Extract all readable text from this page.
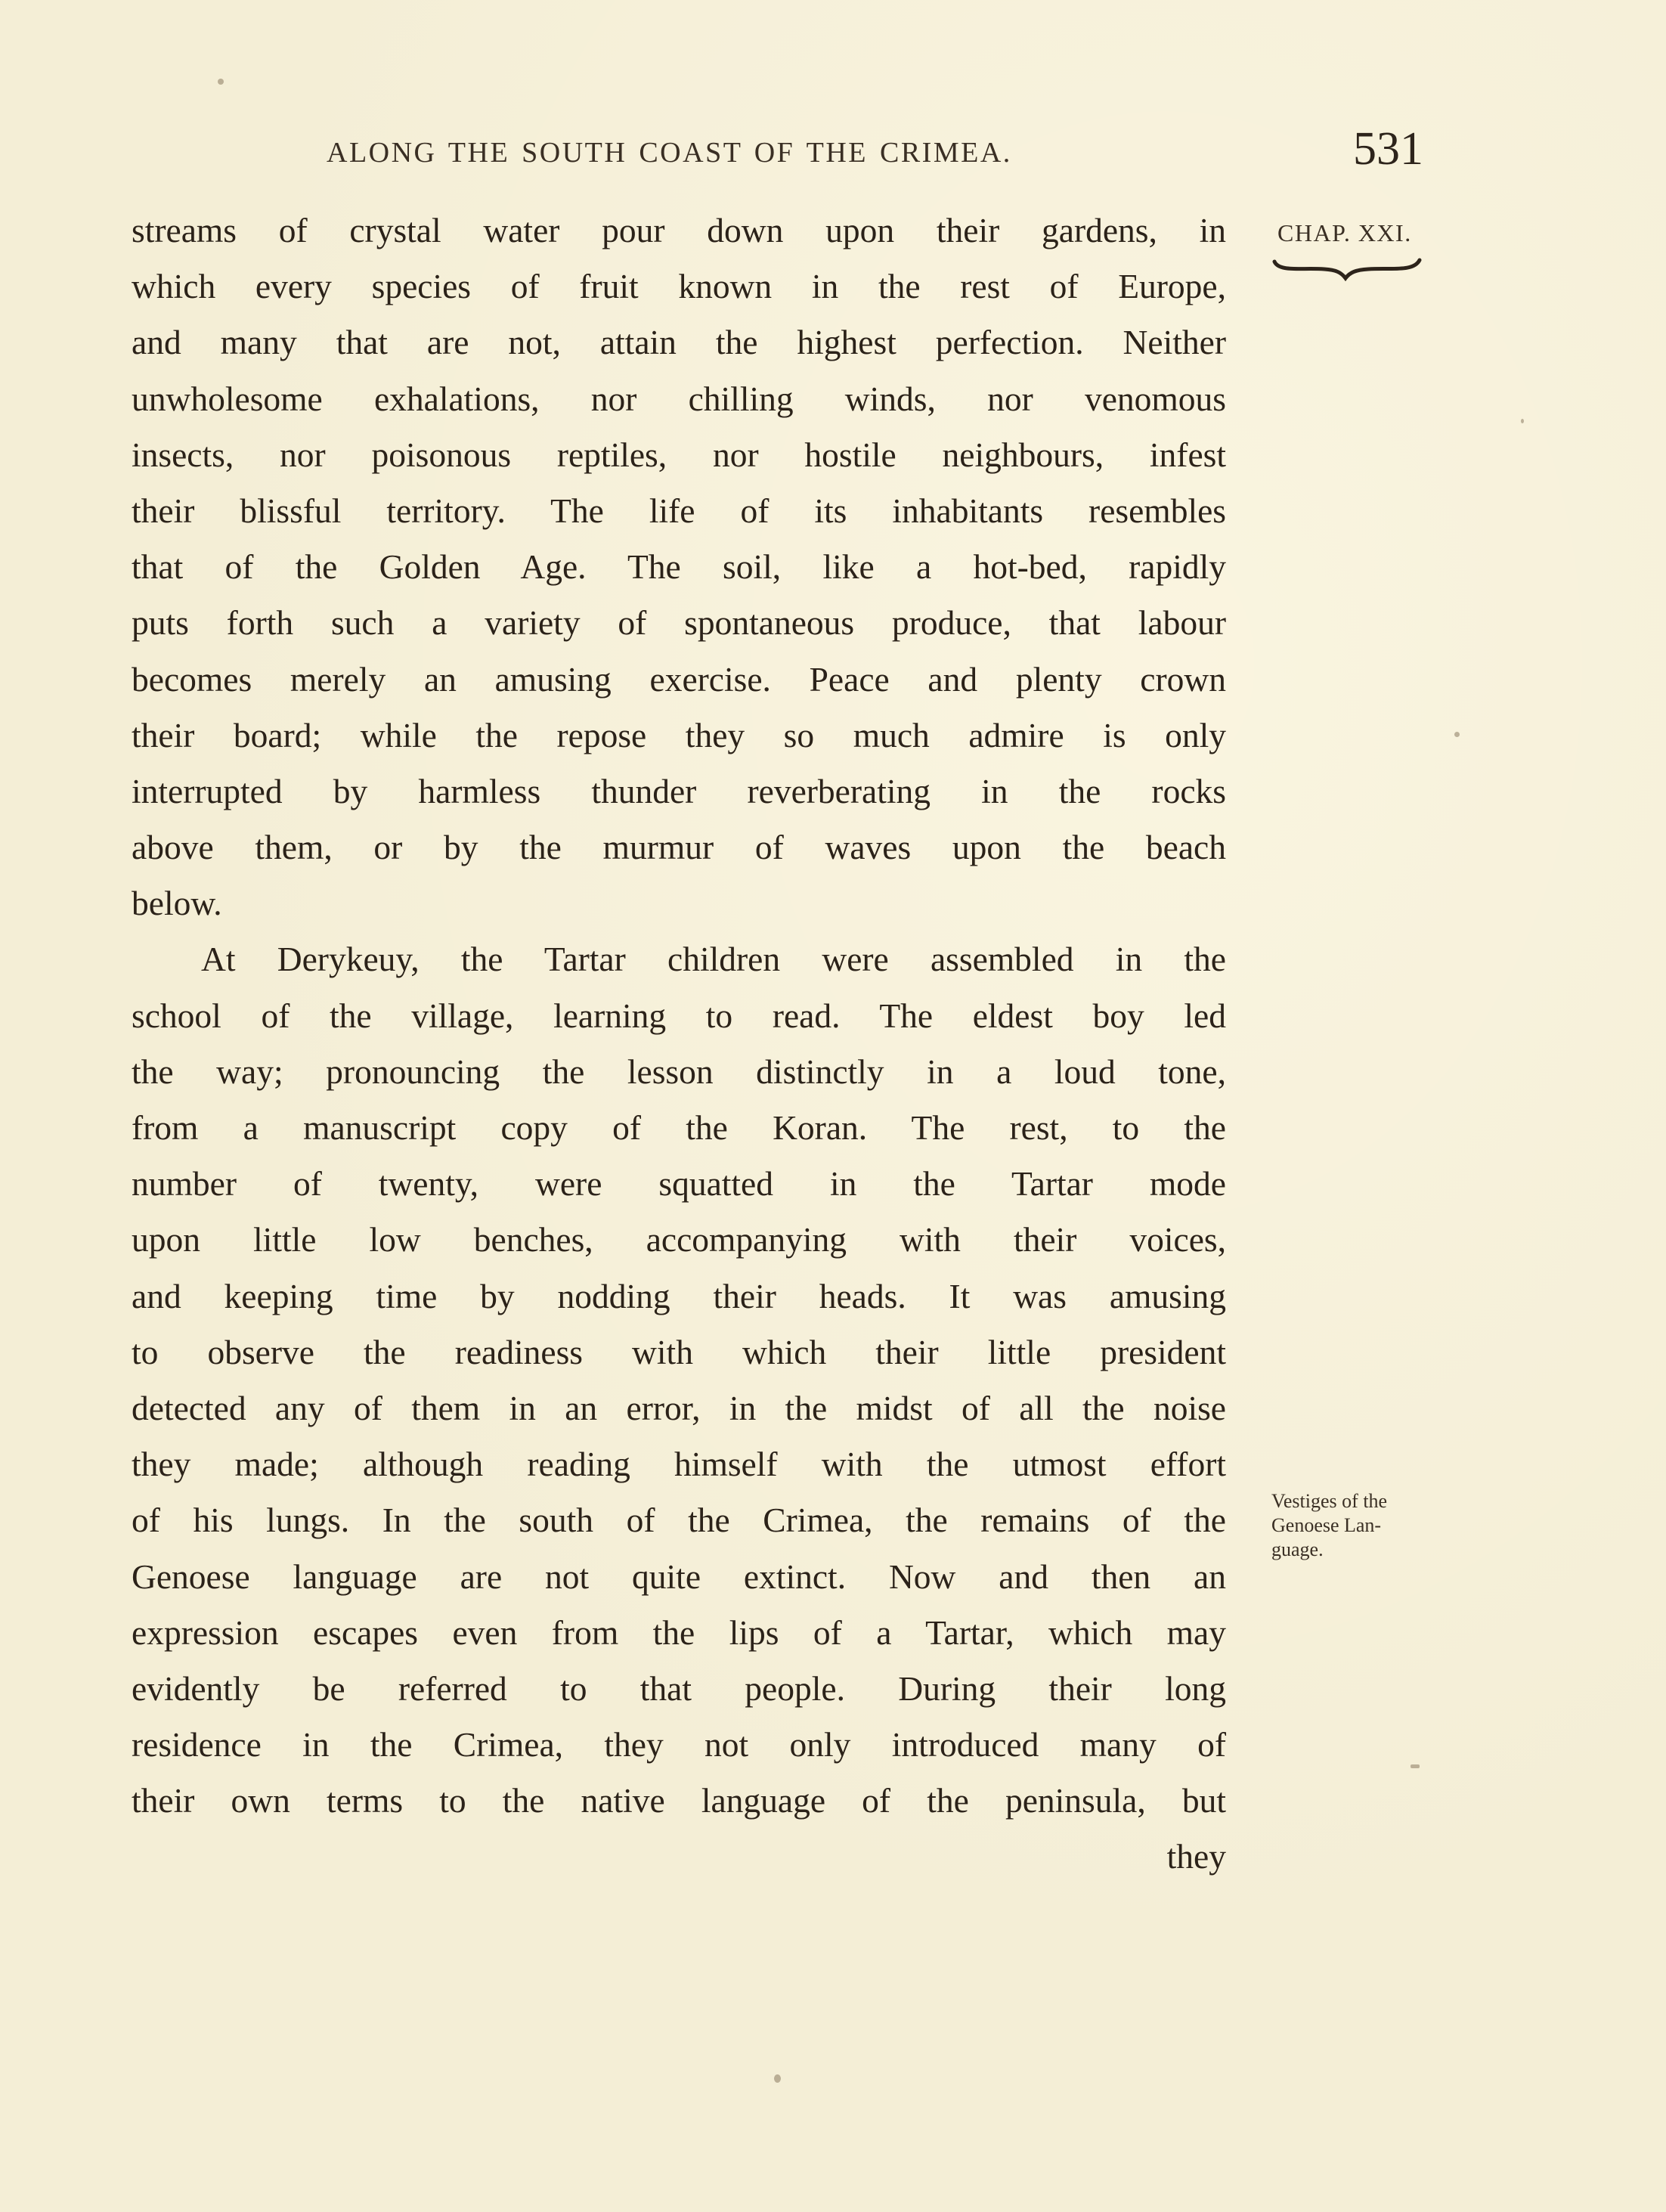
ALONG THE SOUTH COAST OF THE CRIMEA.	531
CHAP. XXI.
streams of crystal water pour down upon their gardens, in
which every species of fruit known in the rest of Europe,
and many that are not, attain the highest perfection. Neither
unwholesome exhalations, nor chilling winds, nor venomous
insects, nor poisonous reptiles, nor hostile neighbours, infest
their blissful territory. The life of its inhabitants resembles
that of the Golden Age. The soil, like a hot-bed, rapidly
puts forth such a variety of spontaneous produce, that labour
becomes merely an amusing exercise. Peace and plenty crown
their board; while the repose they so much admire is only
interrupted by harmless thunder reverberating in the rocks
above them, or by the murmur of waves upon the beach
below.
At Derykeuy, the Tartar children were assembled in the
school of the village, learning to read. The eldest boy led
the way; pronouncing the lesson distinctly in a loud tone,
from a manuscript copy of the Koran. The rest, to the
number of twenty, were squatted in the Tartar mode
upon little low benches, accompanying with their voices,
and keeping time by nodding their heads. It was amusing
to observe the readiness with which their little president
detected any of them in an error, in the midst of all the noise
they made; although reading himself with the utmost effort
of his lungs. In the south of the Crimea, the remains of the
Genoese language are not quite extinct. Now and then an
expression escapes even from the lips of a Tartar, which may
evidently be referred to that people. During their long
residence in the Crimea, they not only introduced many of
their own terms to the native language of the peninsula, but
they
Vestiges of the
Genoese Lan-
guage.
